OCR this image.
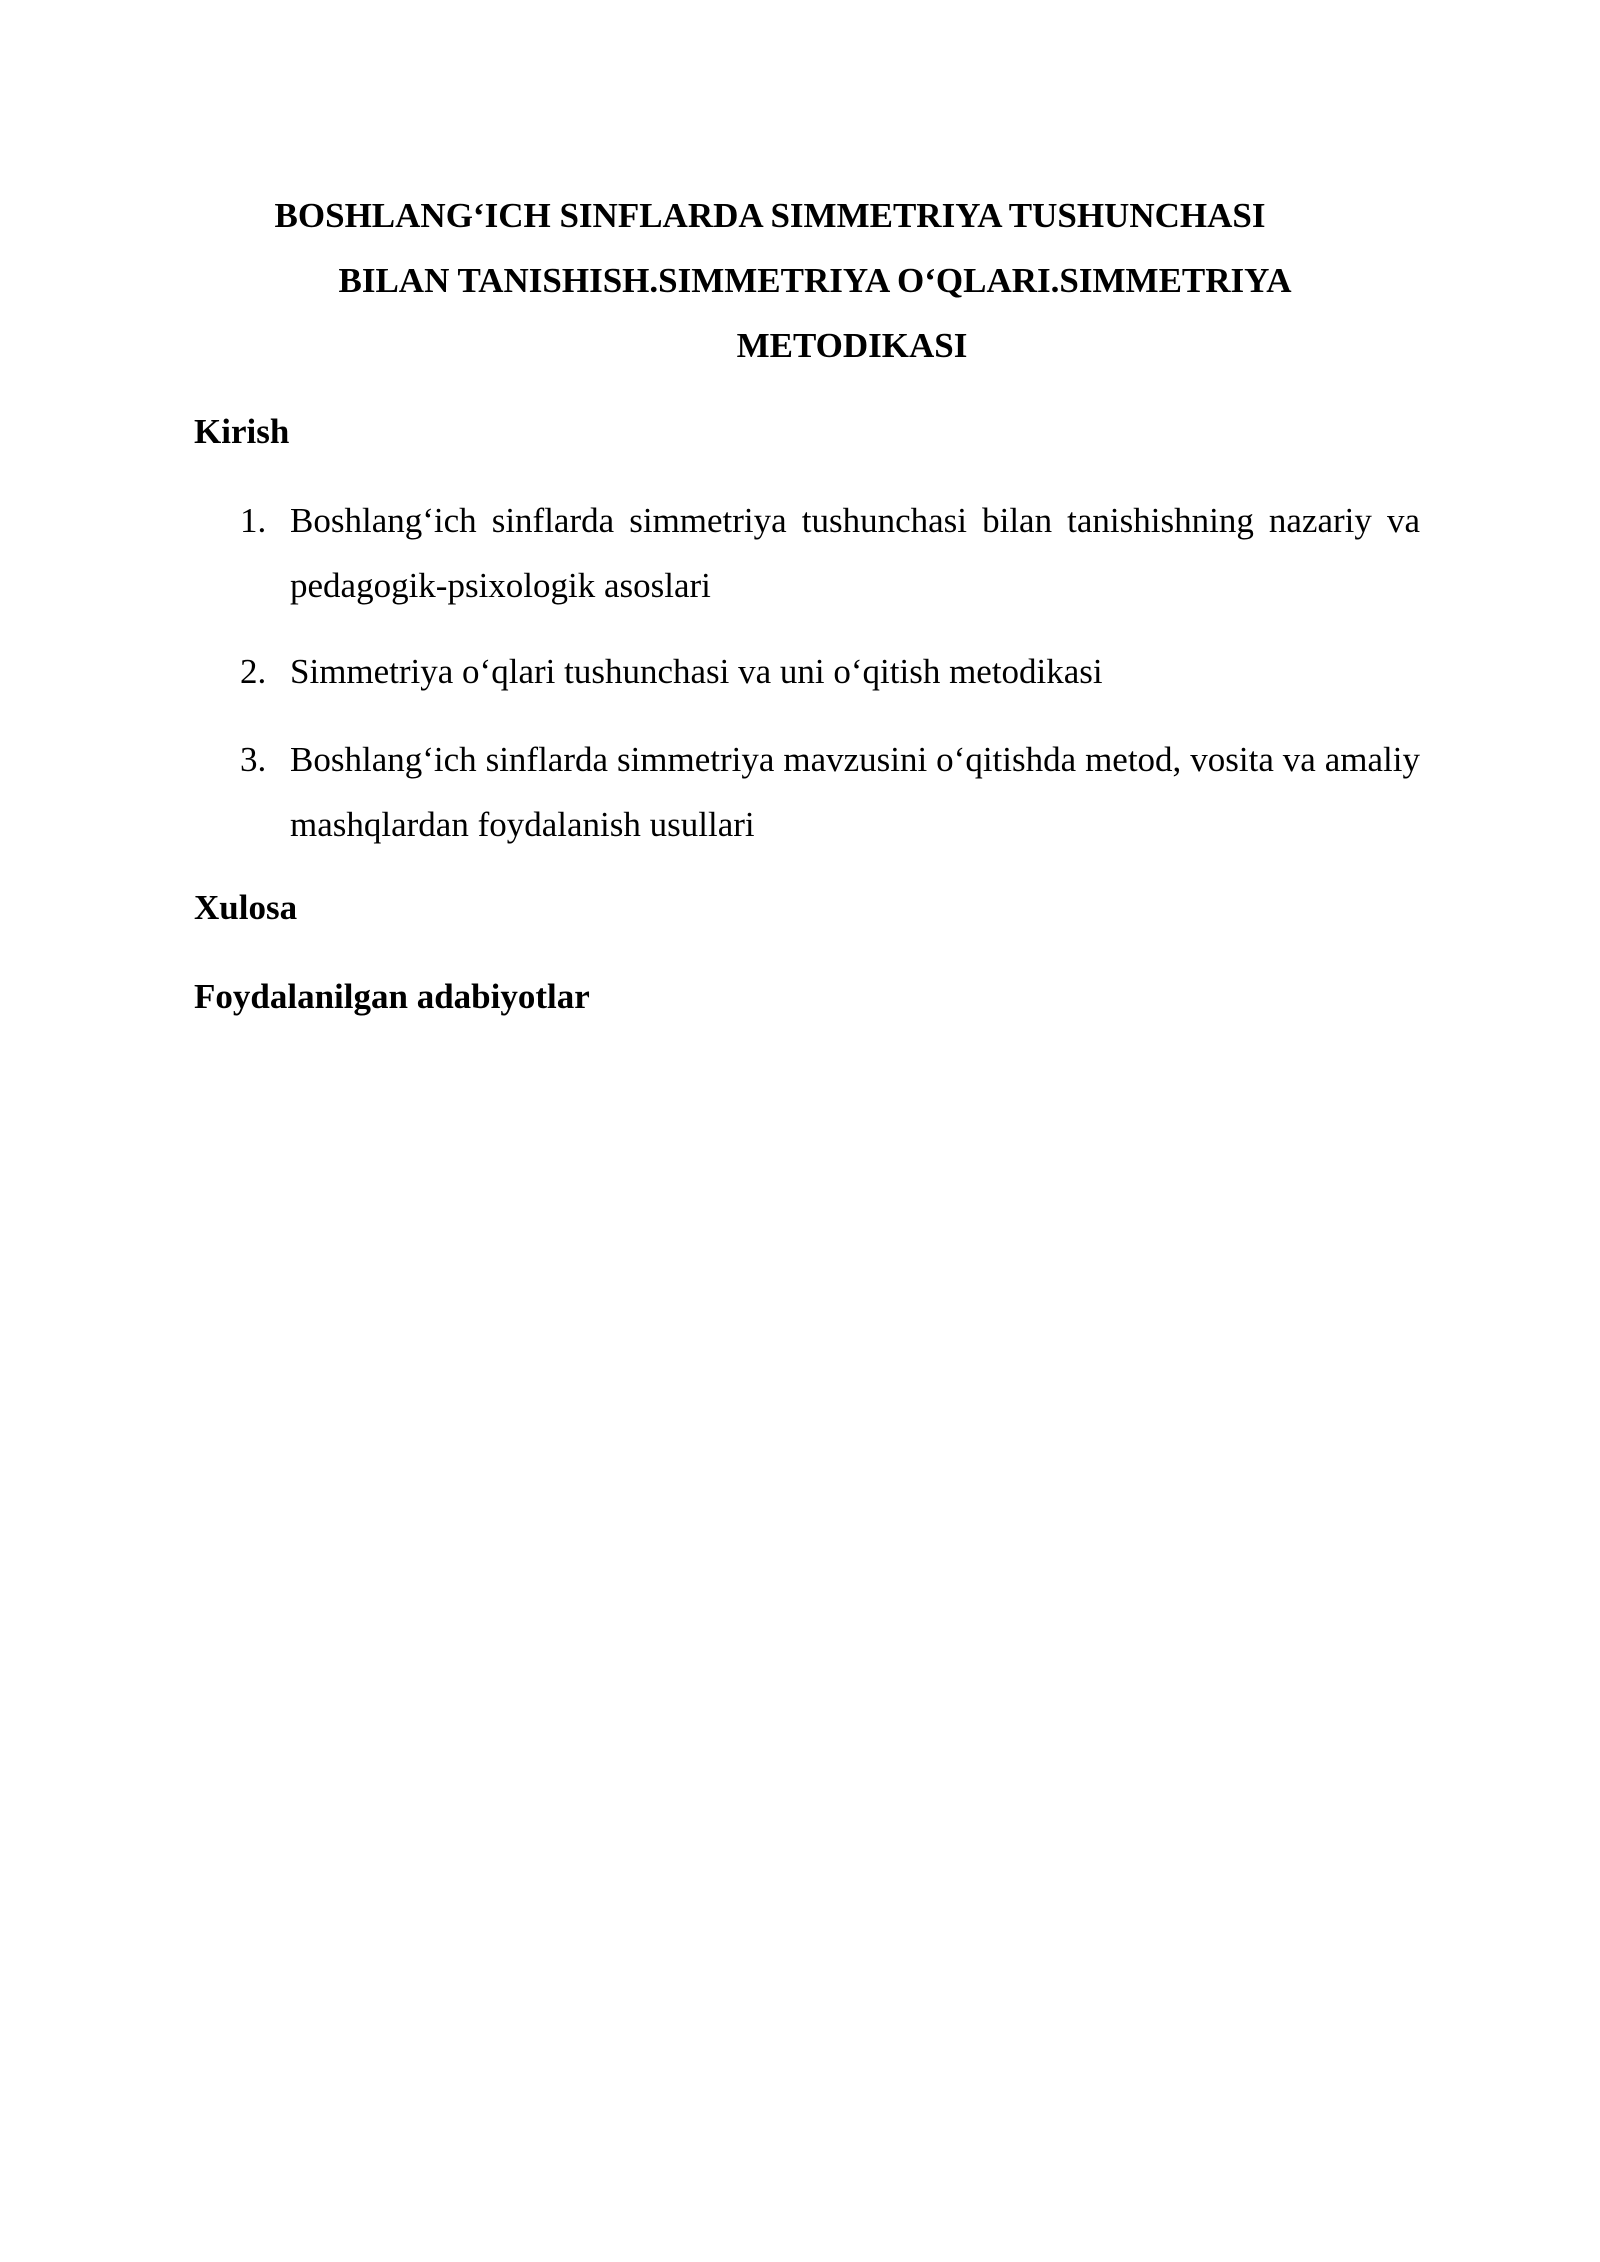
BOSHLANG‘ICH SINFLARDA SIMMETRIYA TUSHUNCHASI
BILAN TANISHISH.SIMMETRIYA O‘QLARI.SIMMETRIYA
METODIKASI
Kirish
1. Boshlang‘ich sinflarda simmetriya tushunchasi bilan tanishishning nazariy va pedagogik-psixologik asoslari
2. Simmetriya o‘qlari tushunchasi va uni o‘qitish metodikasi
3. Boshlang‘ich sinflarda simmetriya mavzusini o‘qitishda metod, vosita va amaliy mashqlardan foydalanish usullari
Xulosa
Foydalanilgan adabiyotlar
